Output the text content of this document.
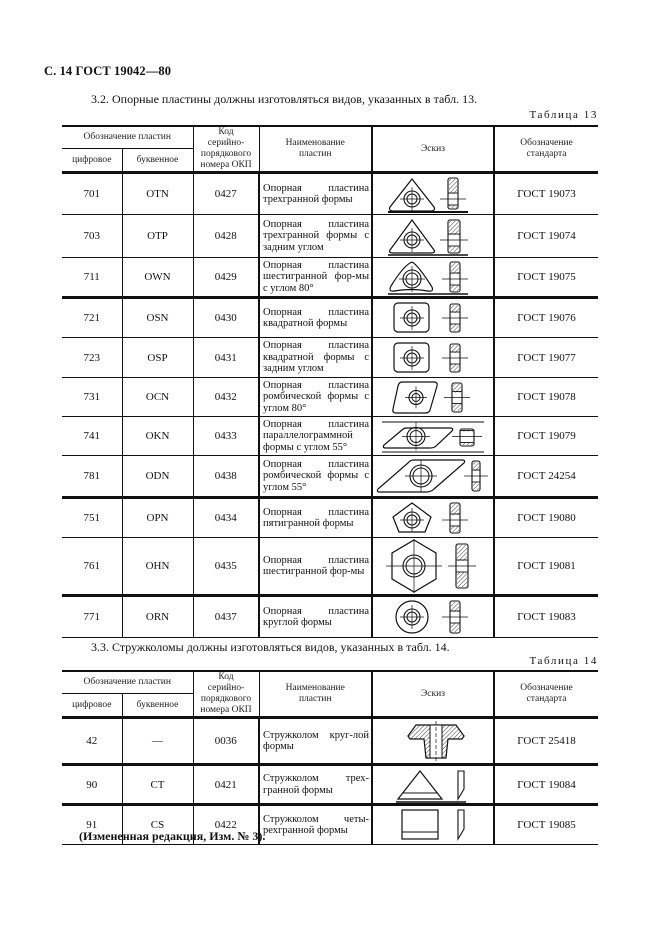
С. 14 ГОСТ 19042—80
3.2. Опорные пластины должны изготовляться видов, указанных в табл. 13.
Таблица 13
Обозначение пластин		Код серийно-порядкового номера ОКП	Наименование пластин	Эскиз	Обозначение стандарта
цифровое	буквенное				
701	OTN	0427	Опорная пластина трехгранной формы		ГОСТ 19073
703	OTP	0428	Опорная пластина трехгранной формы с задним углом		ГОСТ 19074
711	OWN	0429	Опорная пластина шестигранной фор-мы с углом 80°		ГОСТ 19075
721	OSN	0430	Опорная пластина квадратной формы		ГОСТ 19076
723	OSP	0431	Опорная пластина квадратной формы с задним углом		ГОСТ 19077
731	OCN	0432	Опорная пластина ромбической формы с углом 80°		ГОСТ 19078
741	OKN	0433	Опорная пластина параллелограммной формы с углом 55°		ГОСТ 19079
781	ODN	0438	Опорная пластина ромбической формы с углом 55°		ГОСТ 24254
751	OPN	0434	Опорная пластина пятигранной формы		ГОСТ 19080
761	OHN	0435	Опорная пластина шестигранной фор-мы		ГОСТ 19081
771	ORN	0437	Опорная пластина круглой формы		ГОСТ 19083
3.3. Стружколомы должны изготовляться видов, указанных в табл. 14.
Таблица 14
Обозначение пластин		Код серийно-порядкового номера ОКП	Наименование пластин	Эскиз	Обозначение стандарта
цифровое	буквенное				
42	—	0036	Стружколом круг-лой формы		ГОСТ 25418
90	CT	0421	Стружколом трех-гранной формы		ГОСТ 19084
91	CS	0422	Стружколом четы-рехгранной формы		ГОСТ 19085
(Измененная редакция, Изм. № 3).
